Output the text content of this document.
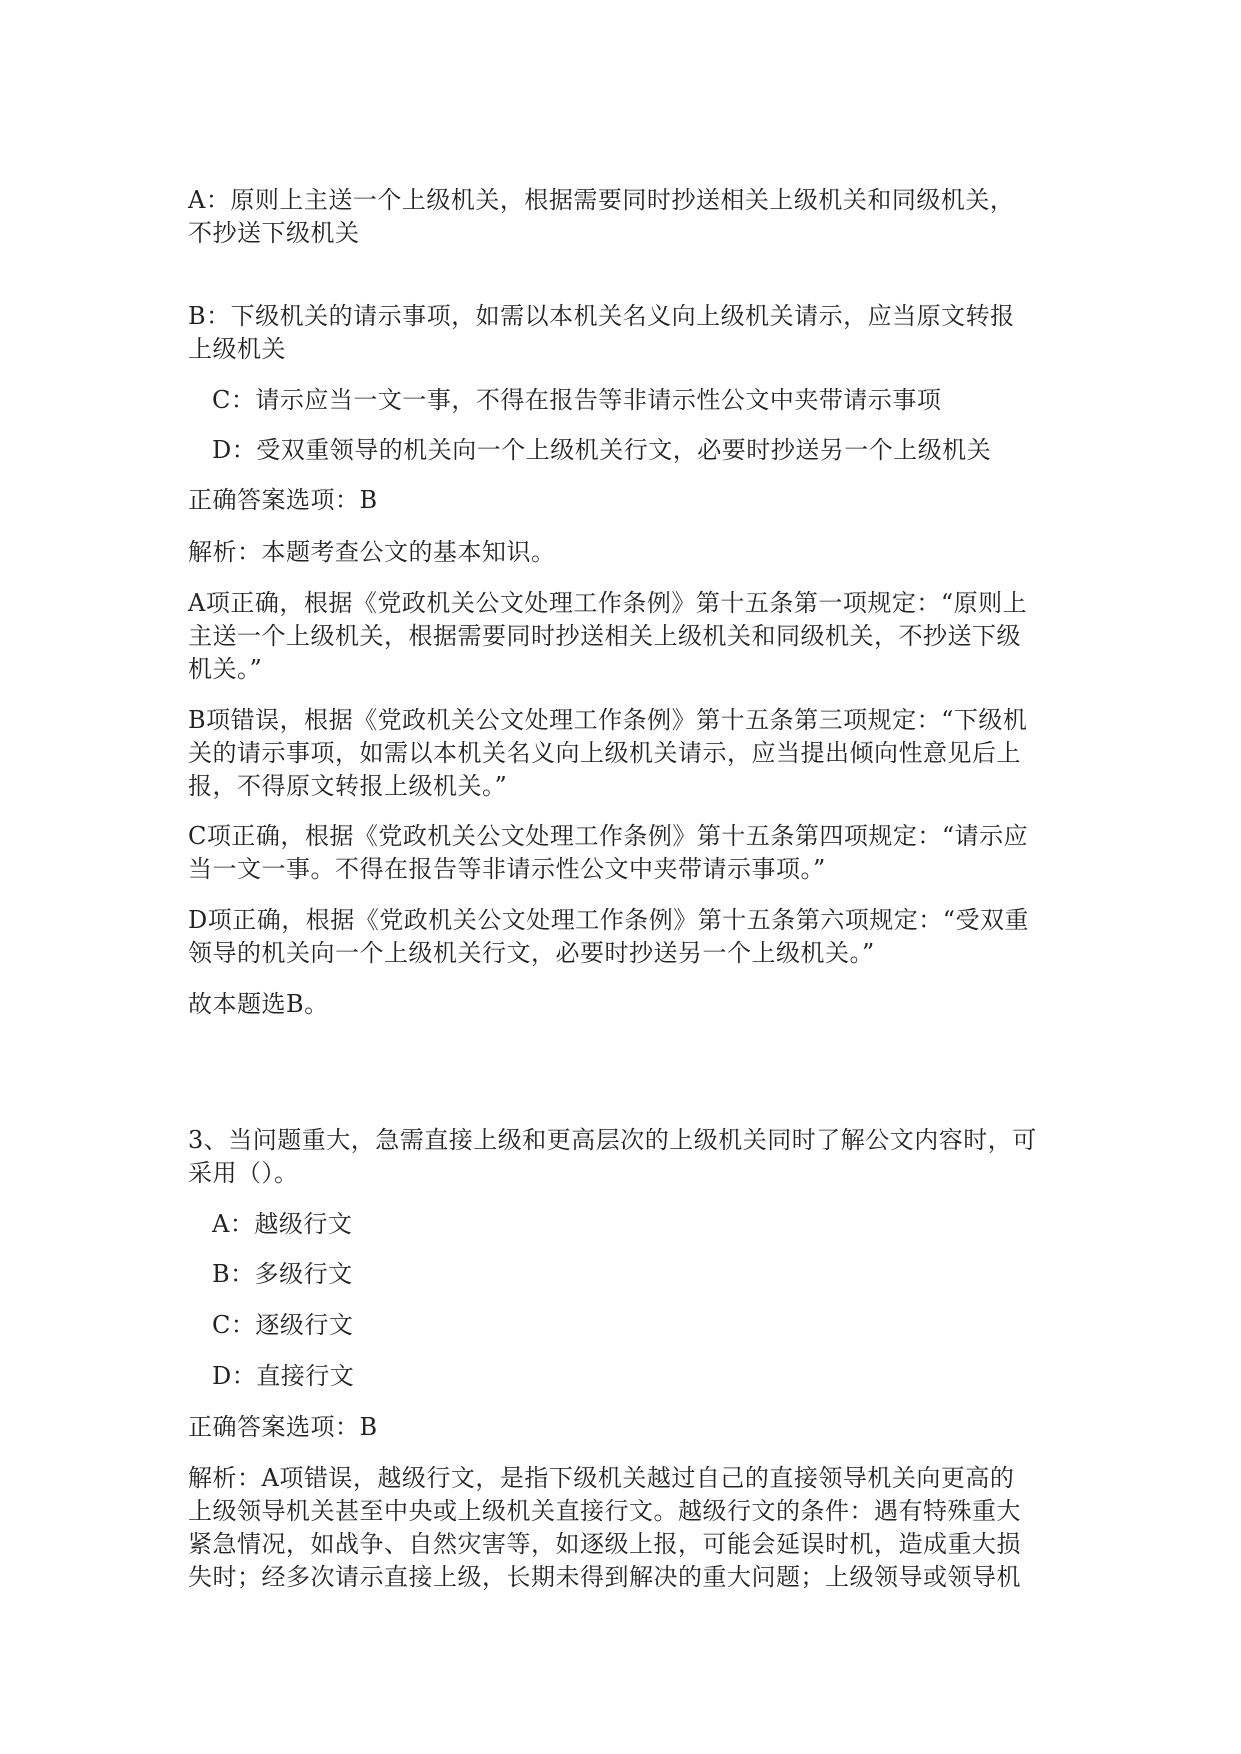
A：原则上主送一个上级机关，根据需要同时抄送相关上级机关和同级机关，
不抄送下级机关
B：下级机关的请示事项，如需以本机关名义向上级机关请示，应当原文转报
上级机关
C：请示应当一文一事，不得在报告等非请示性公文中夹带请示事项
D：受双重领导的机关向一个上级机关行文，必要时抄送另一个上级机关
正确答案选项：B
解析：本题考查公文的基本知识。
A项正确，根据《党政机关公文处理工作条例》第十五条第一项规定：“原则上
主送一个上级机关，根据需要同时抄送相关上级机关和同级机关，不抄送下级
机关。”
B项错误，根据《党政机关公文处理工作条例》第十五条第三项规定：“下级机
关的请示事项，如需以本机关名义向上级机关请示，应当提出倾向性意见后上
报，不得原文转报上级机关。”
C项正确，根据《党政机关公文处理工作条例》第十五条第四项规定：“请示应
当一文一事。不得在报告等非请示性公文中夹带请示事项。”
D项正确，根据《党政机关公文处理工作条例》第十五条第六项规定：“受双重
领导的机关向一个上级机关行文，必要时抄送另一个上级机关。”
故本题选B。
3、当问题重大，急需直接上级和更高层次的上级机关同时了解公文内容时，可
采用（）。
A：越级行文
B：多级行文
C：逐级行文
D：直接行文
正确答案选项：B
解析：A项错误，越级行文，是指下级机关越过自己的直接领导机关向更高的
上级领导机关甚至中央或上级机关直接行文。越级行文的条件：遇有特殊重大
紧急情况，如战争、自然灾害等，如逐级上报，可能会延误时机，造成重大损
失时；经多次请示直接上级，长期未得到解决的重大问题；上级领导或领导机
